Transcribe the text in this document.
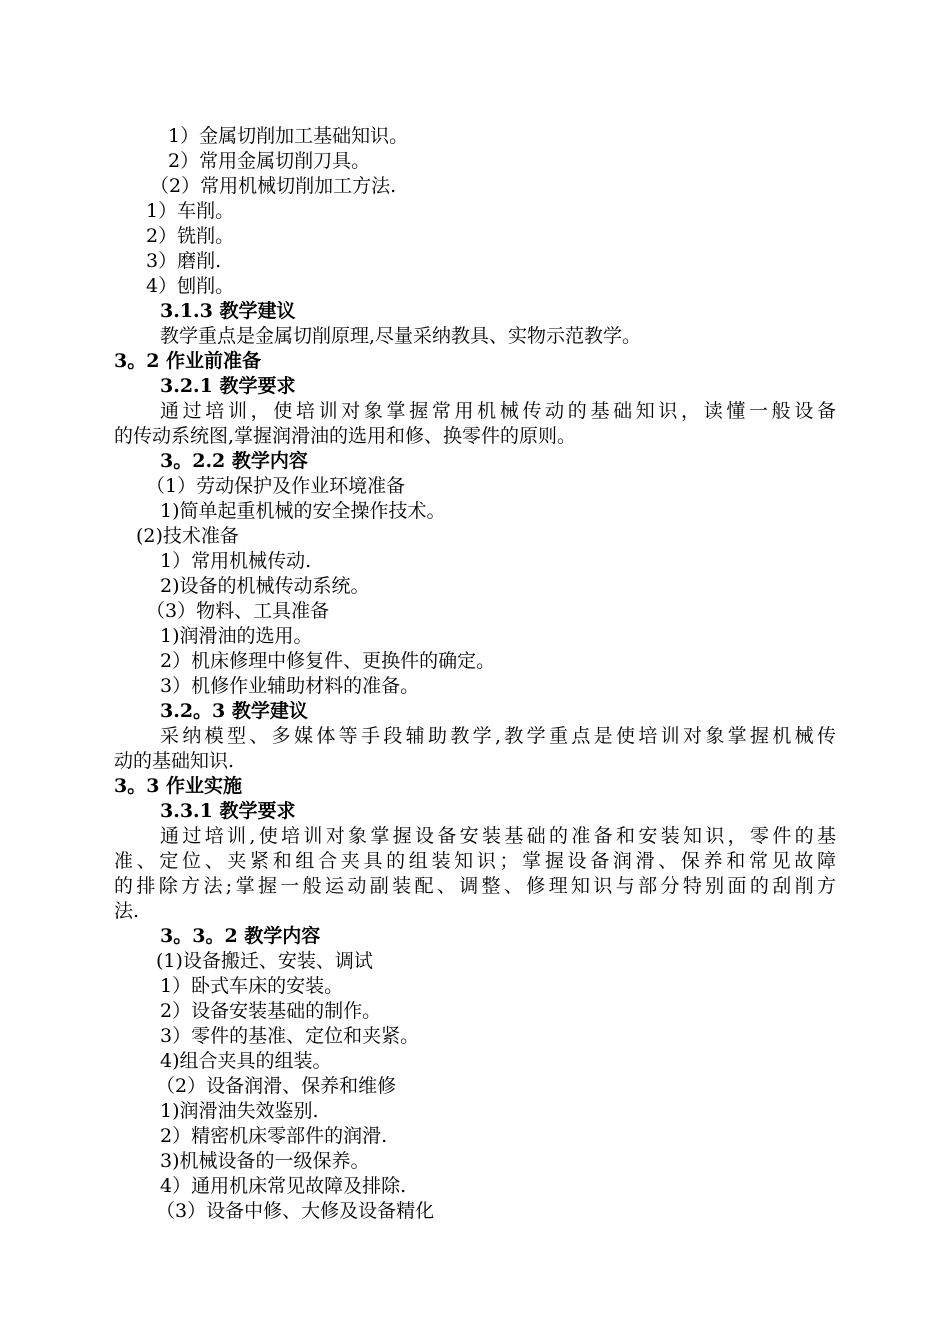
1）金属切削加工基础知识。
2）常用金属切削刀具。
（2）常用机械切削加工方法.
1）车削。
2）铣削。
3）磨削.
4）刨削。
3.1.3 教学建议
教学重点是金属切削原理,尽量采纳教具、实物示范教学。
3。2 作业前准备
3.2.1 教学要求
通过培训，使培训对象掌握常用机械传动的基础知识，读懂一般设备
的传动系统图,掌握润滑油的选用和修、换零件的原则。
3。2.2 教学内容
（1）劳动保护及作业环境准备
1)简单起重机械的安全操作技术。
(2)技术准备
1）常用机械传动.
2)设备的机械传动系统。
（3）物料、工具准备
1)润滑油的选用。
2）机床修理中修复件、更换件的确定。
3）机修作业辅助材料的准备。
3.2。3 教学建议
采纳模型、多媒体等手段辅助教学,教学重点是使培训对象掌握机械传
动的基础知识.
3。3 作业实施
3.3.1 教学要求
通过培训,使培训对象掌握设备安装基础的准备和安装知识，零件的基
准、定位、夹紧和组合夹具的组装知识；掌握设备润滑、保养和常见故障
的排除方法;掌握一般运动副装配、调整、修理知识与部分特别面的刮削方
法.
3。3。2 教学内容
(1)设备搬迁、安装、调试
1）卧式车床的安装。
2）设备安装基础的制作。
3）零件的基准、定位和夹紧。
4)组合夹具的组装。
（2）设备润滑、保养和维修
1)润滑油失效鉴别.
2）精密机床零部件的润滑.
3)机械设备的一级保养。
4）通用机床常见故障及排除.
（3）设备中修、大修及设备精化
